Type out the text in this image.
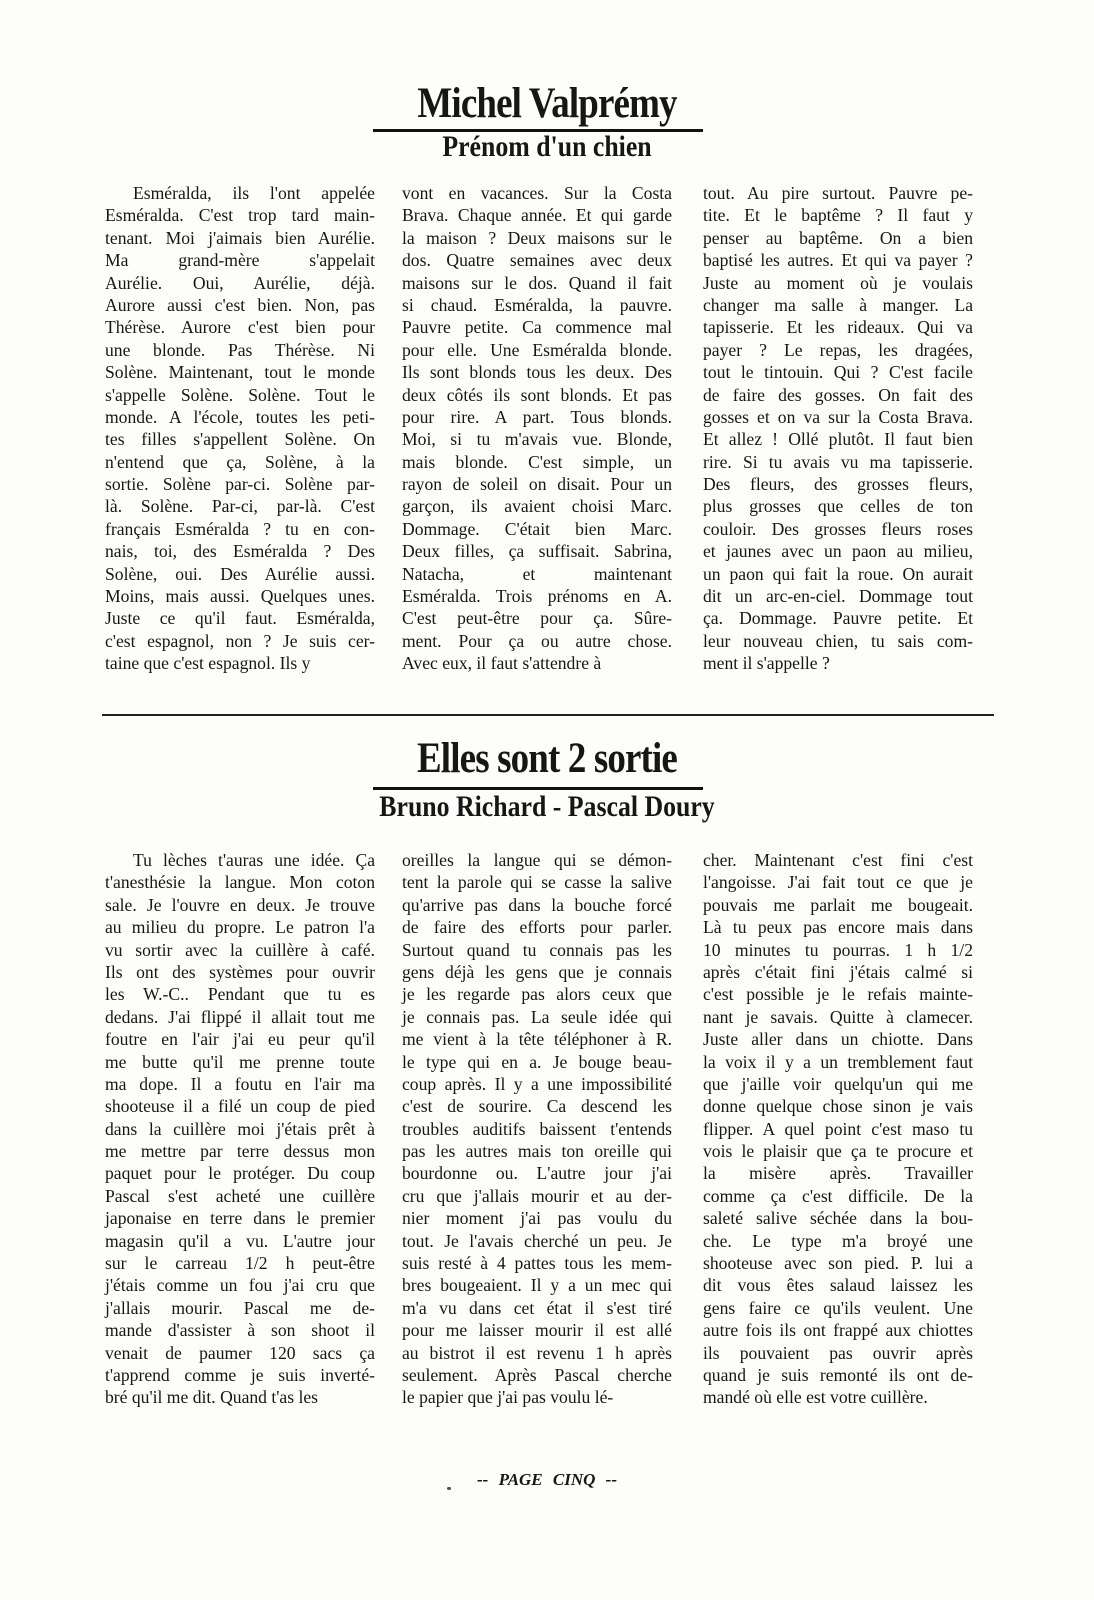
Michel Valprémy
Prénom d'un chien
Esméralda, ils l'ont appelée
Esméralda. C'est trop tard main-
tenant. Moi j'aimais bien Aurélie.
Ma grand-mère s'appelait
Aurélie. Oui, Aurélie, déjà.
Aurore aussi c'est bien. Non, pas
Thérèse. Aurore c'est bien pour
une blonde. Pas Thérèse. Ni
Solène. Maintenant, tout le monde
s'appelle Solène. Solène. Tout le
monde. A l'école, toutes les peti-
tes filles s'appellent Solène. On
n'entend que ça, Solène, à la
sortie. Solène par-ci. Solène par-
là. Solène. Par-ci, par-là. C'est
français Esméralda ? tu en con-
nais, toi, des Esméralda ? Des
Solène, oui. Des Aurélie aussi.
Moins, mais aussi. Quelques unes.
Juste ce qu'il faut. Esméralda,
c'est espagnol, non ? Je suis cer-
taine que c'est espagnol. Ils y
vont en vacances. Sur la Costa
Brava. Chaque année. Et qui garde
la maison ? Deux maisons sur le
dos. Quatre semaines avec deux
maisons sur le dos. Quand il fait
si chaud. Esméralda, la pauvre.
Pauvre petite. Ca commence mal
pour elle. Une Esméralda blonde.
Ils sont blonds tous les deux. Des
deux côtés ils sont blonds. Et pas
pour rire. A part. Tous blonds.
Moi, si tu m'avais vue. Blonde,
mais blonde. C'est simple, un
rayon de soleil on disait. Pour un
garçon, ils avaient choisi Marc.
Dommage. C'était bien Marc.
Deux filles, ça suffisait. Sabrina,
Natacha, et maintenant
Esméralda. Trois prénoms en A.
C'est peut-être pour ça. Sûre-
ment. Pour ça ou autre chose.
Avec eux, il faut s'attendre à
tout. Au pire surtout. Pauvre pe-
tite. Et le baptême ? Il faut y
penser au baptême. On a bien
baptisé les autres. Et qui va payer ?
Juste au moment où je voulais
changer ma salle à manger. La
tapisserie. Et les rideaux. Qui va
payer ? Le repas, les dragées,
tout le tintouin. Qui ? C'est facile
de faire des gosses. On fait des
gosses et on va sur la Costa Brava.
Et allez ! Ollé plutôt. Il faut bien
rire. Si tu avais vu ma tapisserie.
Des fleurs, des grosses fleurs,
plus grosses que celles de ton
couloir. Des grosses fleurs roses
et jaunes avec un paon au milieu,
un paon qui fait la roue. On aurait
dit un arc-en-ciel. Dommage tout
ça. Dommage. Pauvre petite. Et
leur nouveau chien, tu sais com-
ment il s'appelle ?
Elles sont 2 sortie
Bruno Richard - Pascal Doury
Tu lèches t'auras une idée. Ça
t'anesthésie la langue. Mon coton
sale. Je l'ouvre en deux. Je trouve
au milieu du propre. Le patron l'a
vu sortir avec la cuillère à café.
Ils ont des systèmes pour ouvrir
les W.-C.. Pendant que tu es
dedans. J'ai flippé il allait tout me
foutre en l'air j'ai eu peur qu'il
me butte qu'il me prenne toute
ma dope. Il a foutu en l'air ma
shooteuse il a filé un coup de pied
dans la cuillère moi j'étais prêt à
me mettre par terre dessus mon
paquet pour le protéger. Du coup
Pascal s'est acheté une cuillère
japonaise en terre dans le premier
magasin qu'il a vu. L'autre jour
sur le carreau 1/2 h peut-être
j'étais comme un fou j'ai cru que
j'allais mourir. Pascal me de-
mande d'assister à son shoot il
venait de paumer 120 sacs ça
t'apprend comme je suis inverté-
bré qu'il me dit. Quand t'as les
oreilles la langue qui se démon-
tent la parole qui se casse la salive
qu'arrive pas dans la bouche forcé
de faire des efforts pour parler.
Surtout quand tu connais pas les
gens déjà les gens que je connais
je les regarde pas alors ceux que
je connais pas. La seule idée qui
me vient à la tête téléphoner à R.
le type qui en a. Je bouge beau-
coup après. Il y a une impossibilité
c'est de sourire. Ca descend les
troubles auditifs baissent t'entends
pas les autres mais ton oreille qui
bourdonne ou. L'autre jour j'ai
cru que j'allais mourir et au der-
nier moment j'ai pas voulu du
tout. Je l'avais cherché un peu. Je
suis resté à 4 pattes tous les mem-
bres bougeaient. Il y a un mec qui
m'a vu dans cet état il s'est tiré
pour me laisser mourir il est allé
au bistrot il est revenu 1 h après
seulement. Après Pascal cherche
le papier que j'ai pas voulu lé-
cher. Maintenant c'est fini c'est
l'angoisse. J'ai fait tout ce que je
pouvais me parlait me bougeait.
Là tu peux pas encore mais dans
10 minutes tu pourras. 1 h 1/2
après c'était fini j'étais calmé si
c'est possible je le refais mainte-
nant je savais. Quitte à clamecer.
Juste aller dans un chiotte. Dans
la voix il y a un tremblement faut
que j'aille voir quelqu'un qui me
donne quelque chose sinon je vais
flipper. A quel point c'est maso tu
vois le plaisir que ça te procure et
la misère après. Travailler
comme ça c'est difficile. De la
saleté salive séchée dans la bou-
che. Le type m'a broyé une
shooteuse avec son pied. P. lui a
dit vous êtes salaud laissez les
gens faire ce qu'ils veulent. Une
autre fois ils ont frappé aux chiottes
ils pouvaient pas ouvrir après
quand je suis remonté ils ont de-
mandé où elle est votre cuillère.
-- PAGE CINQ --
